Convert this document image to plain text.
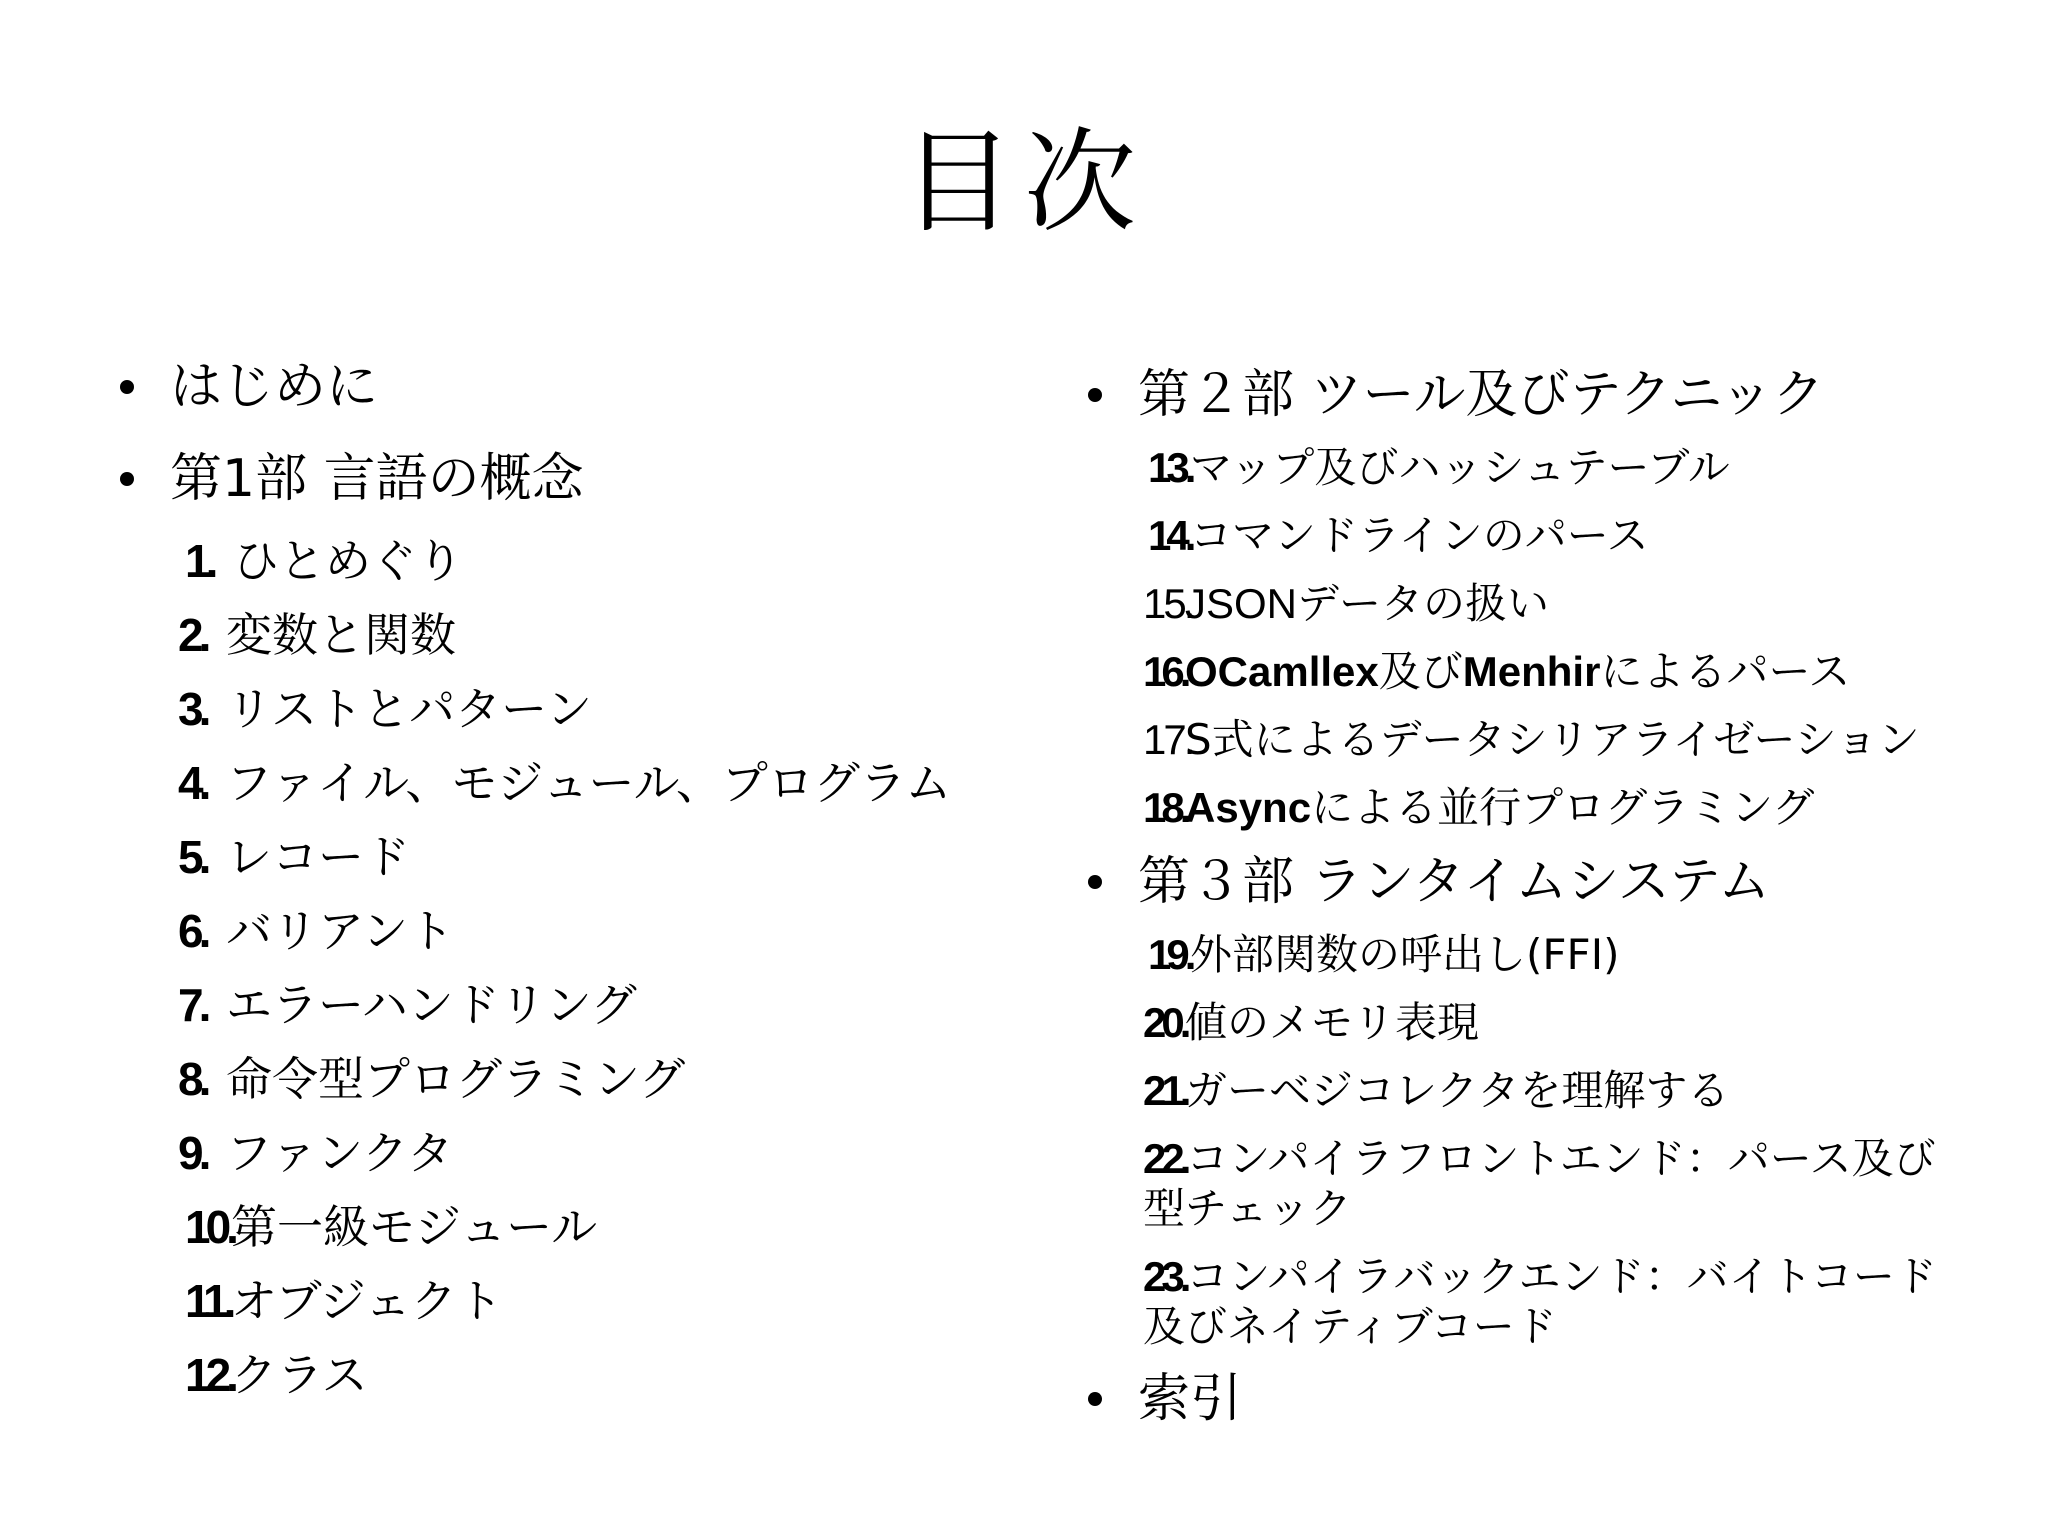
目次
はじめに
第1部 言語の概念
1. ひとめぐり
2. 変数と関数
3. リストとパターン
4. ファイル、モジュール、プログラム
5. レコード
6. バリアント
7. エラーハンドリング
8. 命令型プログラミング
9. ファンクタ
10.
第一級モジュール
11. オブジェクト
12.
クラス
第２部 ツール及びテクニック
13.
マップ及びハッシュテーブル
14.
コマンドラインのパース
15.
JSONデータの扱い
16.
OCamllex 及び Menhir によるパース
17.
S式によるデータシリアライゼーション
18.
Async による並行プログラミング
第３部 ランタイムシステム
19.
外部関数の呼出し(FFI)
20.
値のメモリ表現
21.
ガーベジコレクタを理解する
22.コンパイラフロントエンド：パース及び型チェック
23.コンパイラバックエンド：バイトコード及びネイティブコード
索引
